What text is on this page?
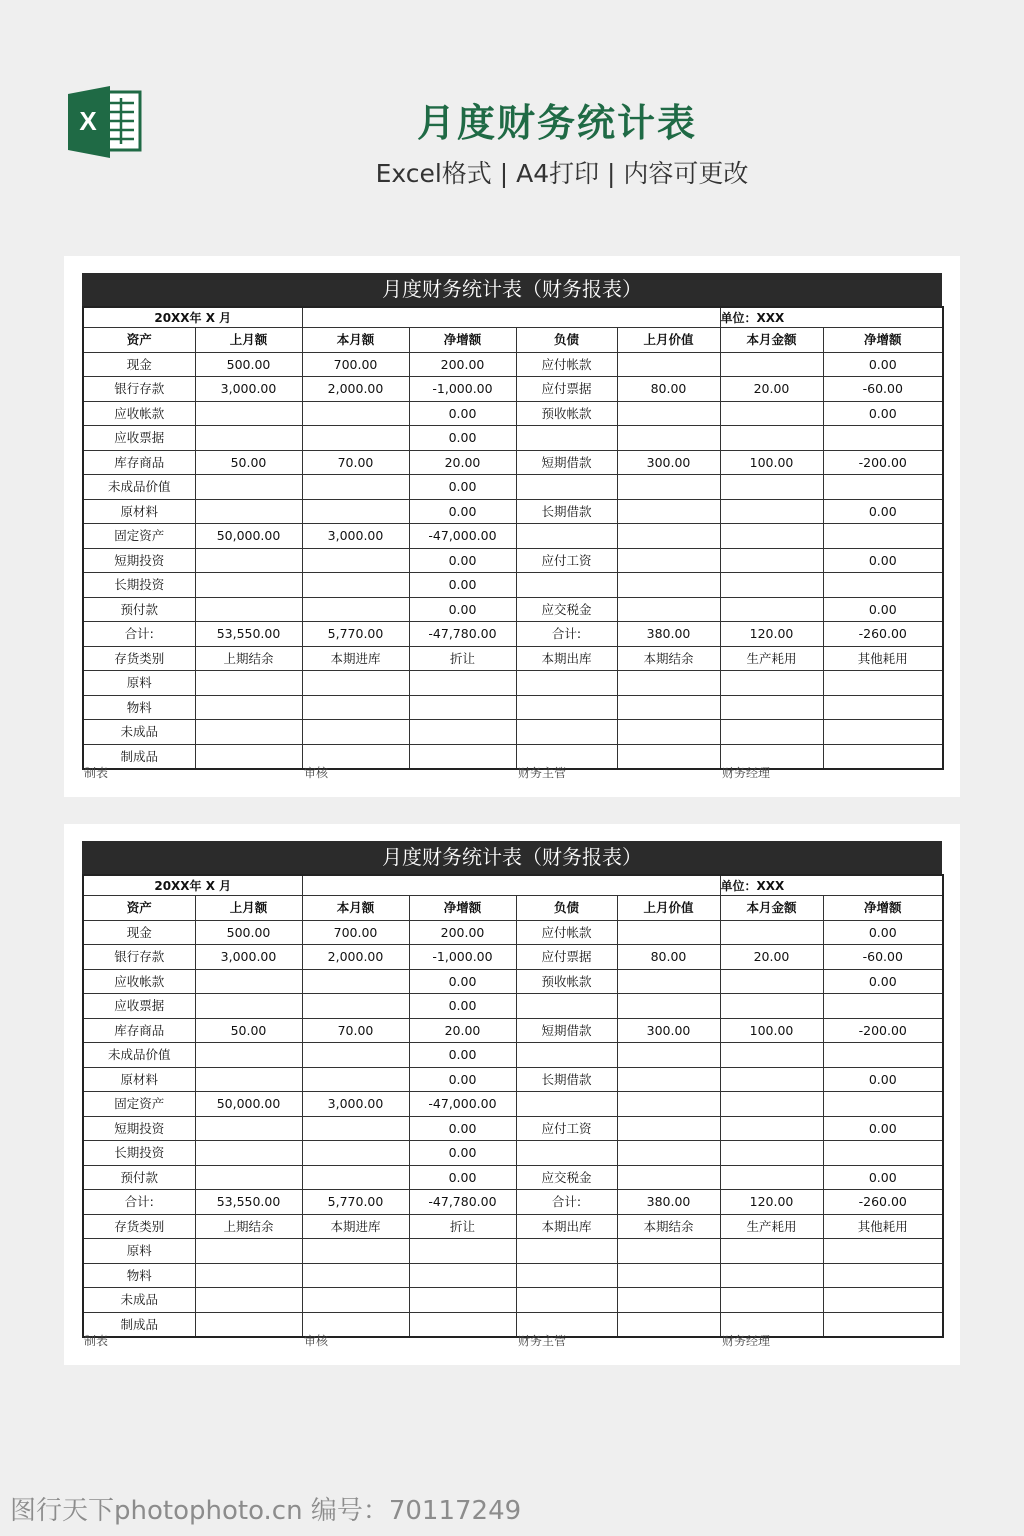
X	月度财务统计表
Excel格式 | A4打印 | 内容可更改
月度财务统计表（财务报表）
20XX年 X 月						单位：XXX	
资产	上月额	本月额	净增额	负债	上月价值	本月金额	净增额
现金	500.00	700.00	200.00	应付帐款			0.00
银行存款	3,000.00	2,000.00	-1,000.00	应付票据	80.00	20.00	-60.00
应收帐款			0.00	预收帐款			0.00
应收票据			0.00				
库存商品	50.00	70.00	20.00	短期借款	300.00	100.00	-200.00
未成品价值			0.00				
原材料			0.00	长期借款			0.00
固定资产	50,000.00	3,000.00	-47,000.00				
短期投资			0.00	应付工资			0.00
长期投资			0.00				
预付款			0.00	应交税金			0.00
合计:	53,550.00	5,770.00	-47,780.00	合计:	380.00	120.00	-260.00
存货类别	上期结余	本期进库	折让	本期出库	本期结余	生产耗用	其他耗用
原料							
物料							
未成品							
制成品							
制表	审核	财务主管	财务经理
月度财务统计表（财务报表）
20XX年 X 月						单位：XXX	
资产	上月额	本月额	净增额	负债	上月价值	本月金额	净增额
现金	500.00	700.00	200.00	应付帐款			0.00
银行存款	3,000.00	2,000.00	-1,000.00	应付票据	80.00	20.00	-60.00
应收帐款			0.00	预收帐款			0.00
应收票据			0.00				
库存商品	50.00	70.00	20.00	短期借款	300.00	100.00	-200.00
未成品价值			0.00				
原材料			0.00	长期借款			0.00
固定资产	50,000.00	3,000.00	-47,000.00				
短期投资			0.00	应付工资			0.00
长期投资			0.00				
预付款			0.00	应交税金			0.00
合计:	53,550.00	5,770.00	-47,780.00	合计:	380.00	120.00	-260.00
存货类别	上期结余	本期进库	折让	本期出库	本期结余	生产耗用	其他耗用
原料							
物料							
未成品							
制成品							
制表	审核	财务主管	财务经理
图行天下photophoto.cn 编号：70117249
